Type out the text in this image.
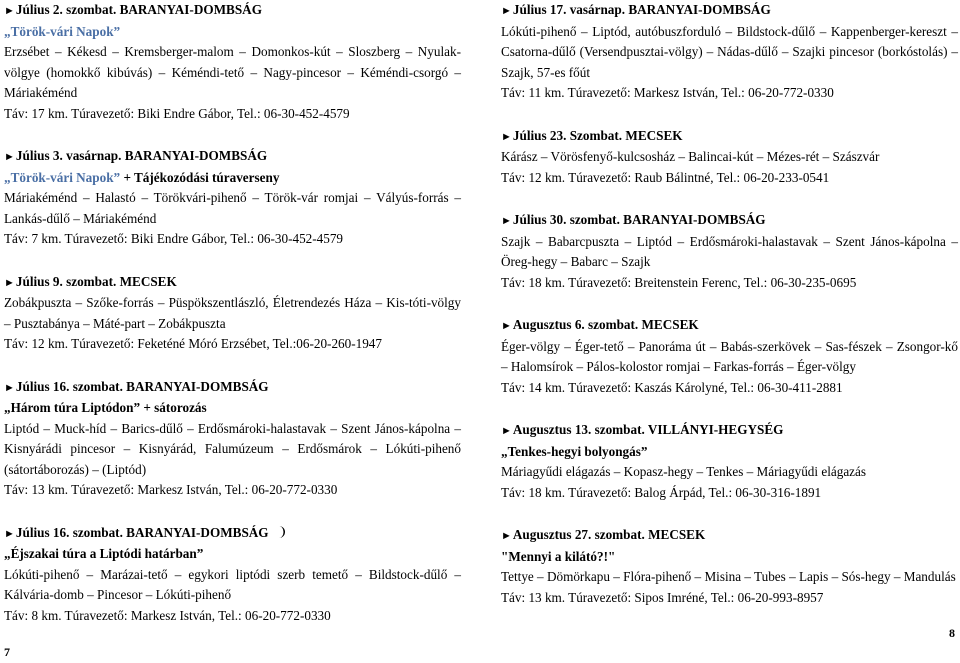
►Július 2. szombat. BARANYAI-DOMBSÁG
„Török-vári Napok”
Erzsébet – Kékesd – Kremsberger-malom – Domonkos-kút – Sloszberg – Nyulak-völgye (homokkő kibúvás) – Kéméndi-tető – Nagy-pincesor – Kéméndi-csorgó – Máriakéménd
Táv: 17 km. Túravezető: Biki Endre Gábor, Tel.: 06-30-452-4579
►Július 3. vasárnap. BARANYAI-DOMBSÁG
„Török-vári Napok” + Tájékozódási túraverseny
Máriakéménd – Halastó – Törökvári-pihenő – Török-vár romjai – Vályús-forrás – Lankás-dűlő – Máriakéménd
Táv: 7 km. Túravezető: Biki Endre Gábor, Tel.: 06-30-452-4579
►Július 9. szombat. MECSEK
Zobákpuszta – Szőke-forrás – Püspökszentlászló, Életrendezés Háza – Kis-tóti-völgy – Pusztabánya – Máté-part – Zobákpuszta
Táv: 12 km. Túravezető: Feketéné Móró Erzsébet, Tel.:06-20-260-1947
►Július 16. szombat. BARANYAI-DOMBSÁG
„Három túra Liptódon” + sátorozás
Liptód – Muck-híd – Barics-dűlő – Erdősmároki-halastavak – Szent János-kápolna – Kisnyárádi pincesor – Kisnyárád, Falumúzeum – Erdősmárok – Lókúti-pihenő (sátortáborozás) – (Liptód)
Táv: 13 km. Túravezető: Markesz István, Tel.: 06-20-772-0330
►Július 16. szombat. BARANYAI-DOMBSÁG
„Éjszakai túra a Liptódi határban”
Lókúti-pihenő – Marázai-tető – egykori liptódi szerb temető – Bildstock-dűlő – Kálvária-domb – Pincesor – Lókúti-pihenő
Táv: 8 km. Túravezető: Markesz István, Tel.: 06-20-772-0330
►Július 17. vasárnap. BARANYAI-DOMBSÁG
Lókúti-pihenő – Liptód, autóbuszforduló – Bildstock-dűlő – Kappenberger-kereszt – Csatorna-dűlő (Versendpusztai-völgy) – Nádas-dűlő – Szajki pincesor (borkóstolás) – Szajk, 57-es főút
Táv: 11 km. Túravezető: Markesz István, Tel.: 06-20-772-0330
►Július 23. Szombat. MECSEK
Kárász – Vörösfenyő-kulcsosház – Balincai-kút – Mézes-rét – Szászvár
Táv: 12 km. Túravezető: Raub Bálintné, Tel.: 06-20-233-0541
►Július 30. szombat. BARANYAI-DOMBSÁG
Szajk – Babarcpuszta – Liptód – Erdősmároki-halastavak – Szent János-kápolna – Öreg-hegy – Babarc – Szajk
Táv: 18 km. Túravezető: Breitenstein Ferenc, Tel.: 06-30-235-0695
►Augusztus 6. szombat. MECSEK
Éger-völgy – Éger-tető – Panoráma út – Babás-szerkövek – Sas-fészek – Zsongor-kő – Halomsírok – Pálos-kolostor romjai – Farkas-forrás – Éger-völgy
Táv: 14 km. Túravezető: Kaszás Károlyné, Tel.: 06-30-411-2881
►Augusztus 13. szombat. VILLÁNYI-HEGYSÉG
„Tenkes-hegyi bolyongás”
Máriagyűdi elágazás – Kopasz-hegy – Tenkes – Máriagyűdi elágazás
Táv: 18 km. Túravezető: Balog Árpád, Tel.: 06-30-316-1891
►Augusztus 27. szombat. MECSEK
"Mennyi a kilátó?!"
Tettye – Dömörkapu – Flóra-pihenő – Misina – Tubes – Lapis – Sós-hegy – Mandulás
Táv: 13 km. Túravezető: Sipos Imréné, Tel.: 06-20-993-8957
7
8
